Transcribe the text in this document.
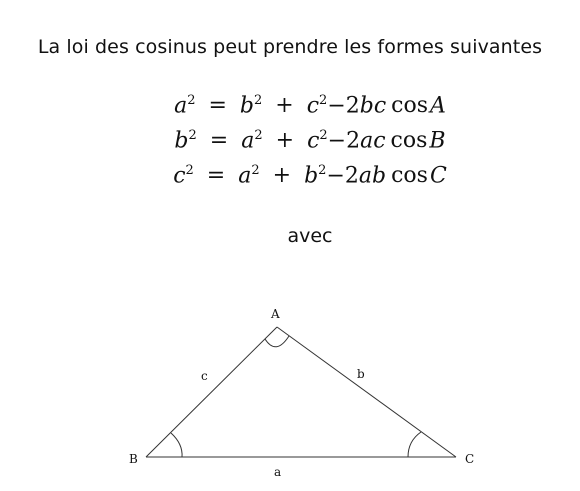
La loi des cosinus peut prendre les formes suivantes
$a^2 = b^2 + c^2-2bc$ cosA
$b^2 = a^2 + c^2-2ac$ cosB
$c^2 = a^2 + b^2-2ab$ cosC
avec
A
B	C
c	b
a
